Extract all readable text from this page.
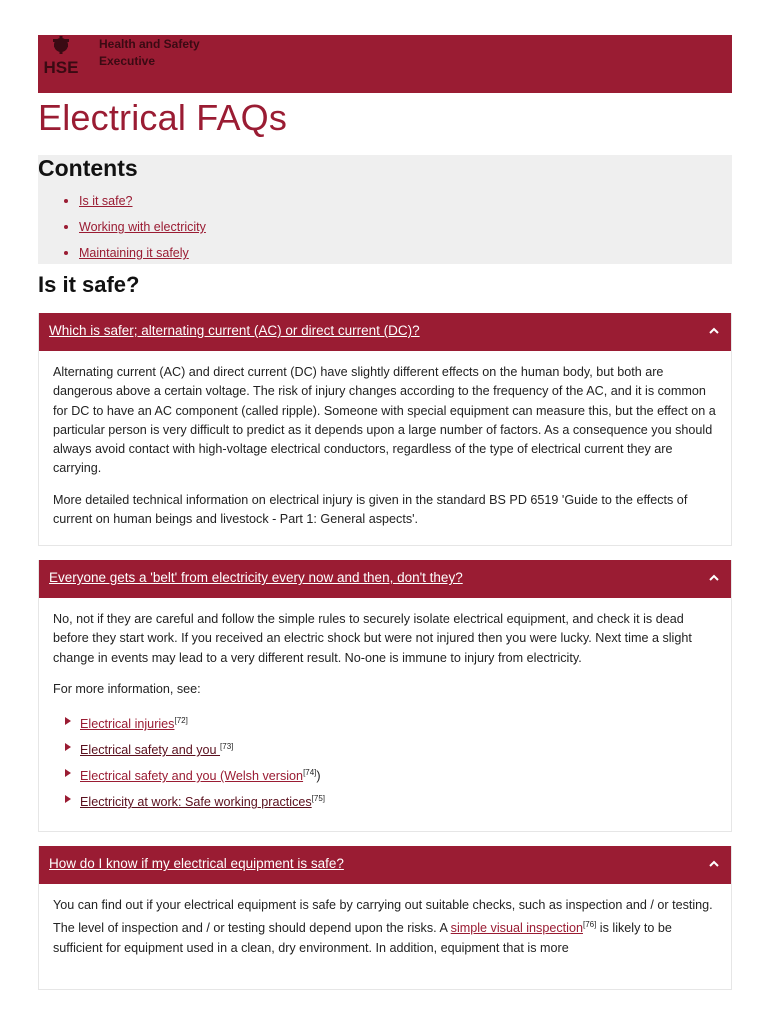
HSE
Health and Safety
Executive
Electrical FAQs
Contents
Is it safe?
Working with electricity
Maintaining it safely
Is it safe?
Which is safer; alternating current (AC) or direct current (DC)?

Alternating current (AC) and direct current (DC) have slightly different effects on the human body, but both are dangerous above a certain voltage. The risk of injury changes according to the frequency of the AC, and it is common for DC to have an AC component (called ripple). Someone with special equipment can measure this, but the effect on a particular person is very difficult to predict as it depends upon a large number of factors. As a consequence you should always avoid contact with high-voltage electrical conductors, regardless of the type of electrical current they are carrying.

More detailed technical information on electrical injury is given in the standard BS PD 6519 'Guide to the effects of current on human beings and livestock - Part 1: General aspects'.

Everyone gets a 'belt' from electricity every now and then, don't they?

No, not if they are careful and follow the simple rules to securely isolate electrical equipment, and check it is dead before they start work. If you received an electric shock but were not injured then you were lucky. Next time a slight change in events may lead to a very different result. No-one is immune to injury from electricity.

For more information, see:

Electrical injuries[72]
Electrical safety and you [73]
Electrical safety and you (Welsh version[74])
Electricity at work: Safe working practices[75]
How do I know if my electrical equipment is safe?

You can find out if your electrical equipment is safe by carrying out suitable checks, such as inspection and / or testing. The level of inspection and / or testing should depend upon the risks. A simple visual inspection[76] is likely to be sufficient for equipment used in a clean, dry environment. In addition, equipment that is more
